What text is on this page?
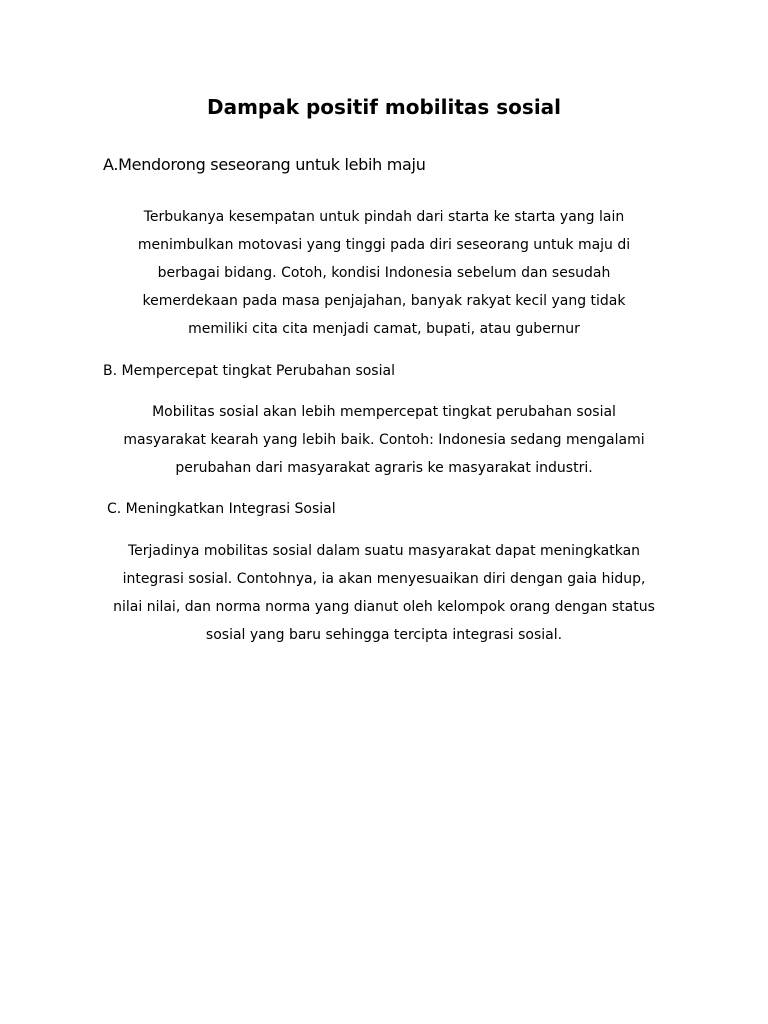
Dampak positif mobilitas sosial
A.Mendorong seseorang untuk lebih maju

Terbukanya kesempatan untuk pindah dari starta ke starta yang lain
menimbulkan motovasi yang tinggi pada diri seseorang untuk maju di
berbagai bidang. Cotoh, kondisi Indonesia sebelum dan sesudah
kemerdekaan pada masa penjajahan, banyak rakyat kecil yang tidak
memiliki cita cita menjadi camat, bupati, atau gubernur

B. Mempercepat tingkat Perubahan sosial

Mobilitas sosial akan lebih mempercepat tingkat perubahan sosial
masyarakat kearah yang lebih baik. Contoh: Indonesia sedang mengalami
perubahan dari masyarakat agraris ke masyarakat industri.

C. Meningkatkan Integrasi Sosial

Terjadinya mobilitas sosial dalam suatu masyarakat dapat meningkatkan
integrasi sosial. Contohnya, ia akan menyesuaikan diri dengan gaia hidup,
nilai nilai, dan norma norma yang dianut oleh kelompok orang dengan status
sosial yang baru sehingga tercipta integrasi sosial.
